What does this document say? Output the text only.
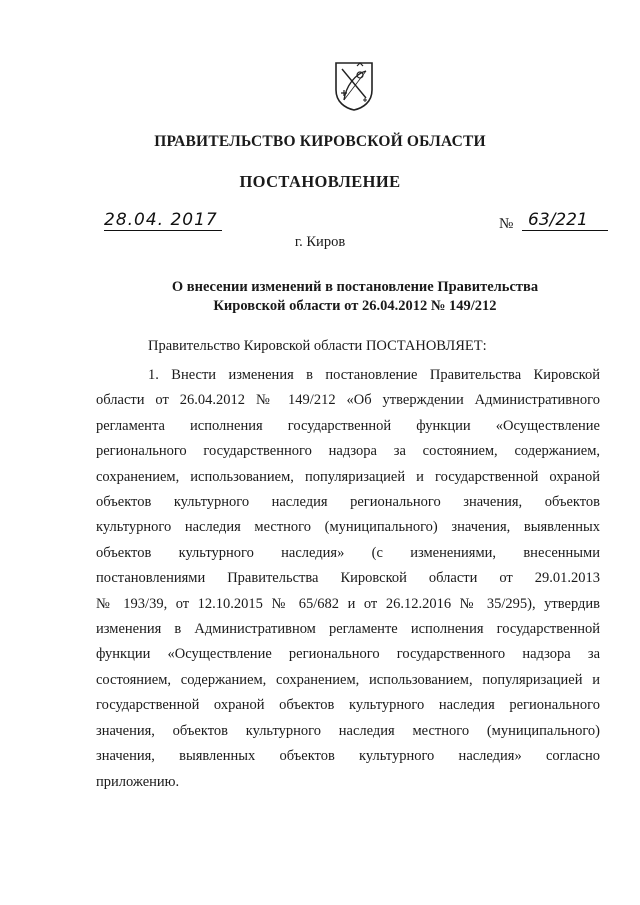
ПРАВИТЕЛЬСТВО КИРОВСКОЙ ОБЛАСТИ
ПОСТАНОВЛЕНИЕ
28.04. 2017	№ 63/221
г. Киров
О внесении изменений в постановление Правительства
Кировской области от 26.04.2012 № 149/212
Правительство Кировской области ПОСТАНОВЛЯЕТ:
1. Внести изменения в постановление Правительства Кировской
области от 26.04.2012 № 149/212 «Об утверждении Административного
регламента исполнения государственной функции «Осуществление
регионального государственного надзора за состоянием, содержанием,
сохранением, использованием, популяризацией и государственной охраной
объектов культурного наследия регионального значения, объектов
культурного наследия местного (муниципального) значения, выявленных
объектов культурного наследия» (с изменениями, внесенными
постановлениями Правительства Кировской области от 29.01.2013
№ 193/39, от 12.10.2015 № 65/682 и от 26.12.2016 № 35/295), утвердив
изменения в Административном регламенте исполнения государственной
функции «Осуществление регионального государственного надзора за
состоянием, содержанием, сохранением, использованием, популяризацией и
государственной охраной объектов культурного наследия регионального
значения, объектов культурного наследия местного (муниципального)
значения, выявленных объектов культурного наследия» согласно
приложению.
